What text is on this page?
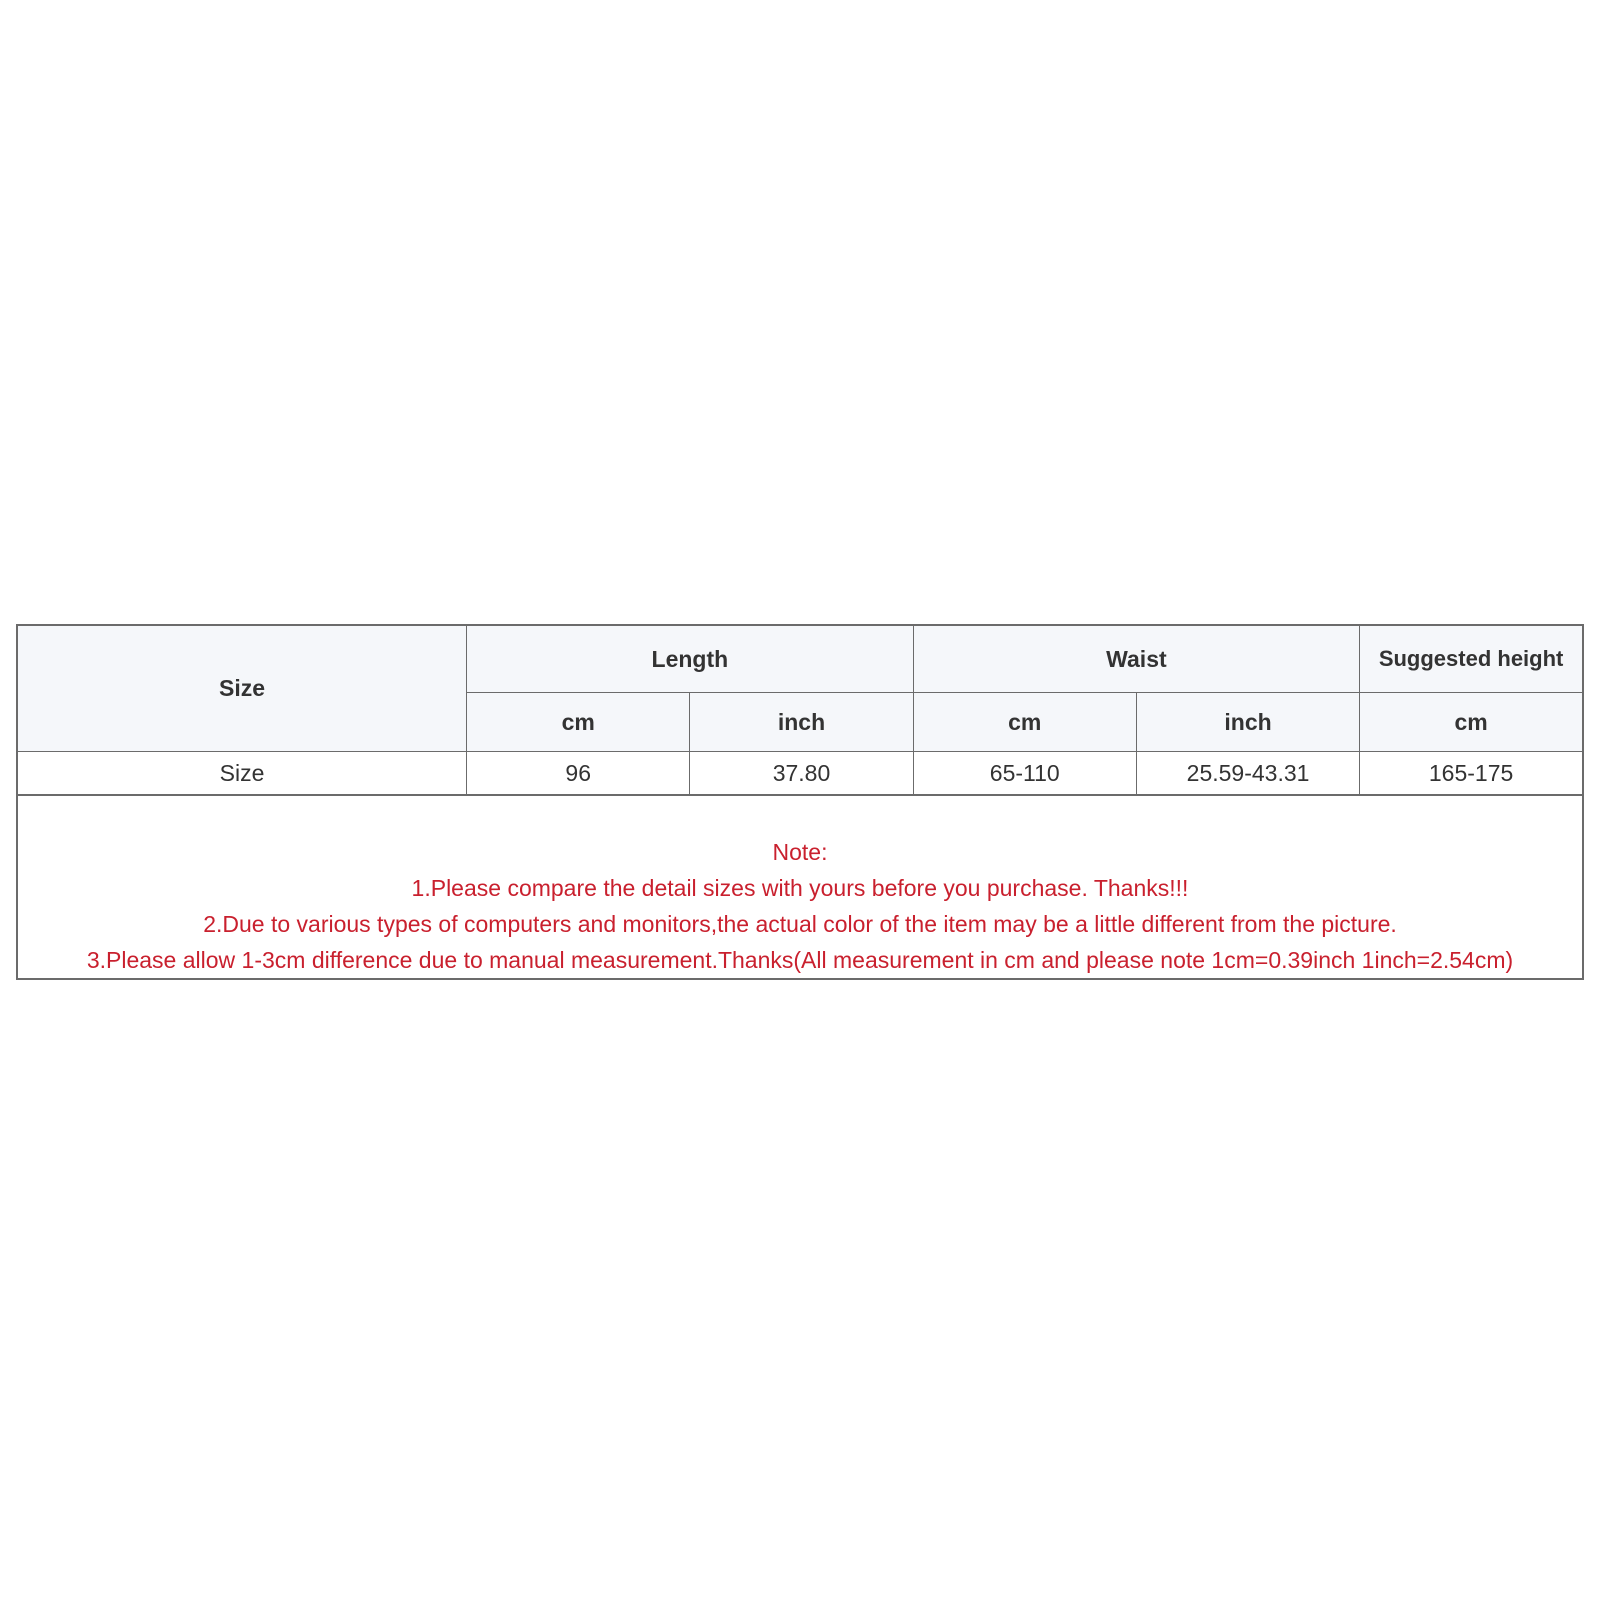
Size	Length		Waist		Suggested height
	cm	inch	cm	inch	cm
Size	96	37.80	65-110	25.59-43.31	165-175

Note:
1.Please compare the detail sizes with yours before you purchase. Thanks!!!
2.Due to various types of computers and monitors,the actual color of the item may be a little different from the picture.
3.Please allow 1-3cm difference due to manual measurement.Thanks(All measurement in cm and please note 1cm=0.39inch 1inch=2.54cm)					
